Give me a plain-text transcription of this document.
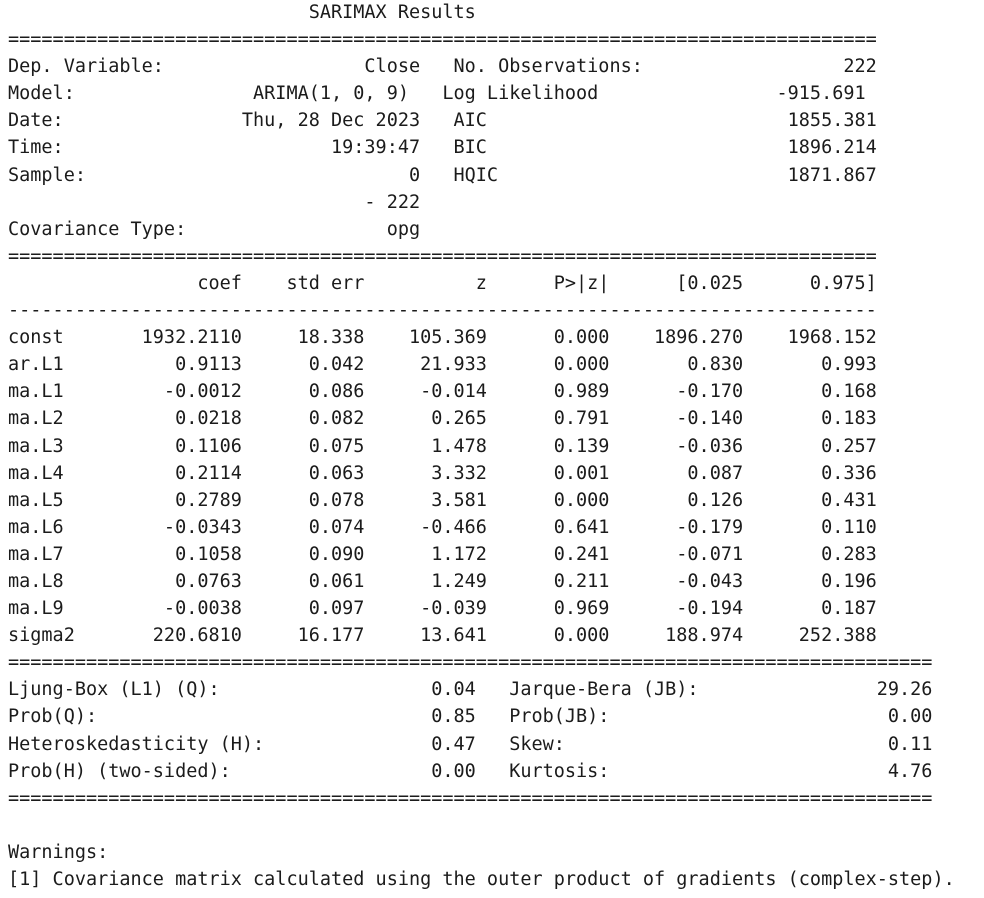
SARIMAX Results
==============================================================================
Dep. Variable:                  Close   No. Observations:                  222
Model:                ARIMA(1, 0, 9)   Log Likelihood                -915.691
Date:                Thu, 28 Dec 2023   AIC                           1855.381
Time:                        19:39:47   BIC                           1896.214
Sample:                             0   HQIC                          1871.867
- 222
Covariance Type:                  opg
==============================================================================
coef    std err          z      P>|z|      [0.025      0.975]
------------------------------------------------------------------------------
const       1932.2110     18.338    105.369      0.000    1896.270    1968.152
ar.L1          0.9113      0.042     21.933      0.000       0.830       0.993
ma.L1         -0.0012      0.086     -0.014      0.989      -0.170       0.168
ma.L2          0.0218      0.082      0.265      0.791      -0.140       0.183
ma.L3          0.1106      0.075      1.478      0.139      -0.036       0.257
ma.L4          0.2114      0.063      3.332      0.001       0.087       0.336
ma.L5          0.2789      0.078      3.581      0.000       0.126       0.431
ma.L6         -0.0343      0.074     -0.466      0.641      -0.179       0.110
ma.L7          0.1058      0.090      1.172      0.241      -0.071       0.283
ma.L8          0.0763      0.061      1.249      0.211      -0.043       0.196
ma.L9         -0.0038      0.097     -0.039      0.969      -0.194       0.187
sigma2       220.6810     16.177     13.641      0.000     188.974     252.388
===================================================================================
Ljung-Box (L1) (Q):                   0.04   Jarque-Bera (JB):                29.26
Prob(Q):                              0.85   Prob(JB):                         0.00
Heteroskedasticity (H):               0.47   Skew:                             0.11
Prob(H) (two-sided):                  0.00   Kurtosis:                         4.76
===================================================================================
Warnings:
[1] Covariance matrix calculated using the outer product of gradients (complex-step).
